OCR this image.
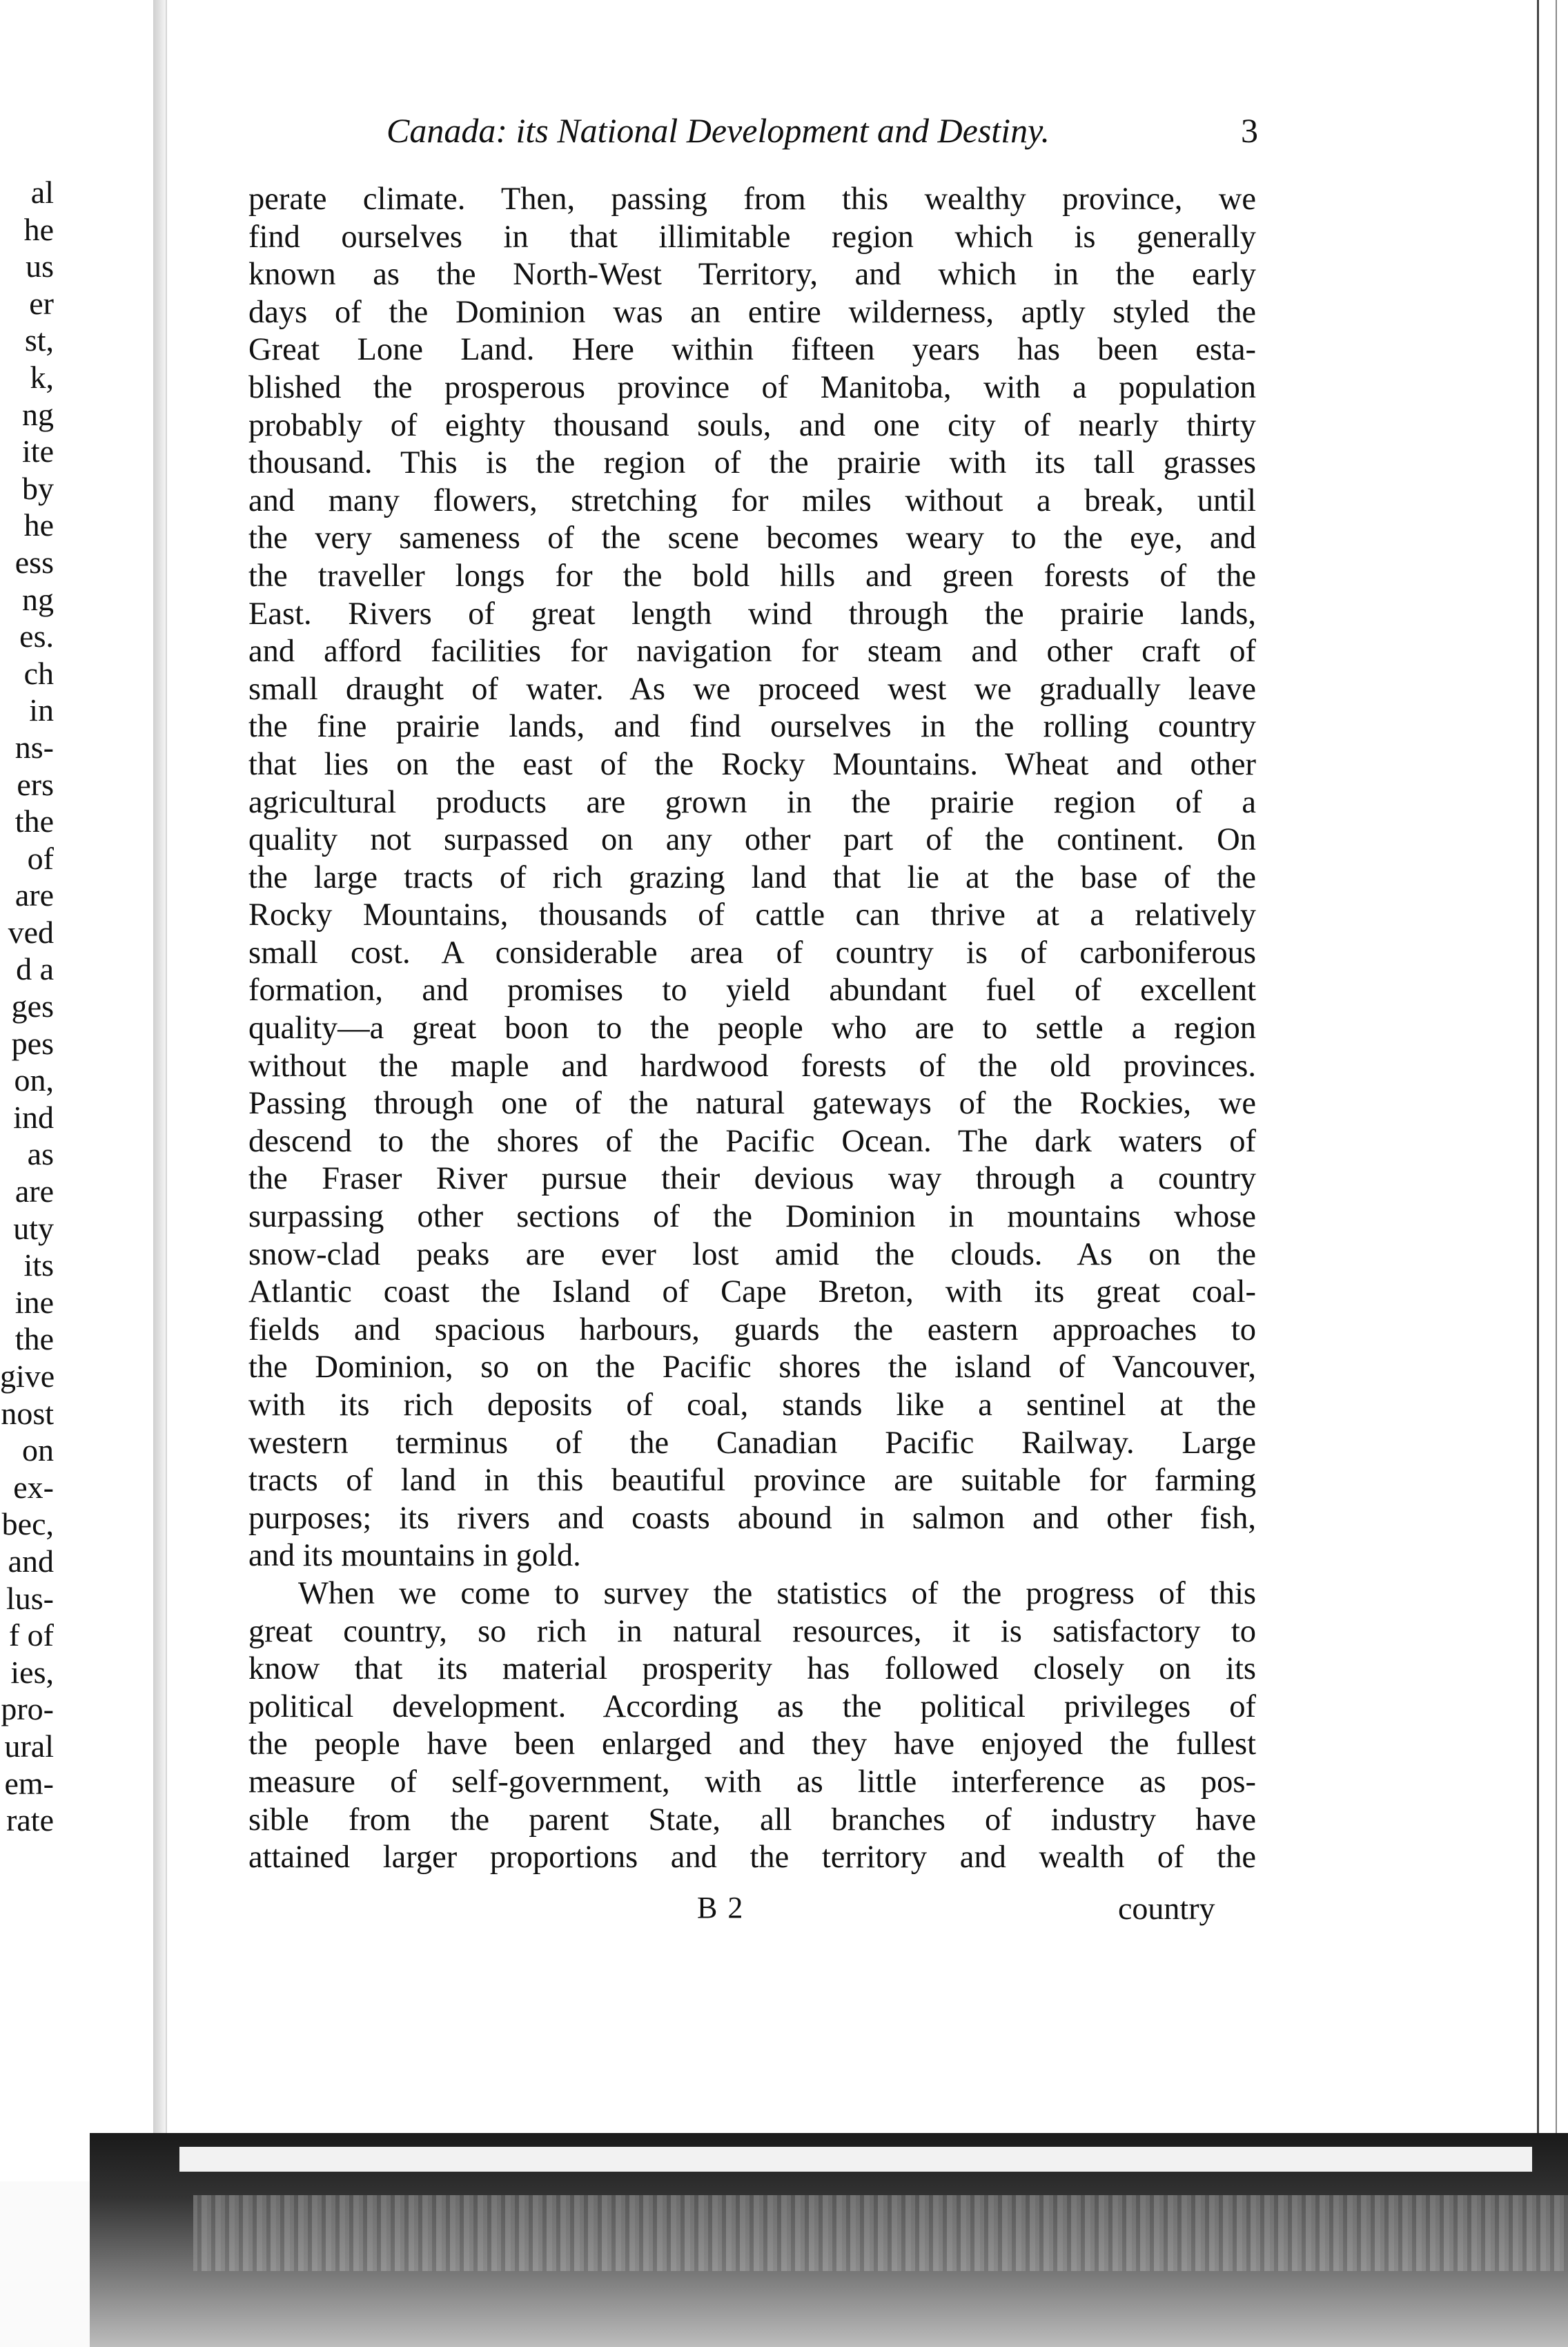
al
he
us
er
st,
k,
ng
ite
by
he
ess
ng
es.
ch
in
ns-
ers
the
of
are
ved
d a
ges
pes
on,
ind
as
are
uty
its
ine
the
give
nost
on
ex-
bec,
and
lus-
f of
ies,
pro-
ural
em-
rate
Canada: its National Development and Destiny.	3
perate climate. Then, passing from this wealthy province, we
find ourselves in that illimitable region which is generally
known as the North-West Territory, and which in the early
days of the Dominion was an entire wilderness, aptly styled the
Great Lone Land. Here within fifteen years has been esta-
blished the prosperous province of Manitoba, with a population
probably of eighty thousand souls, and one city of nearly thirty
thousand. This is the region of the prairie with its tall grasses
and many flowers, stretching for miles without a break, until
the very sameness of the scene becomes weary to the eye, and
the traveller longs for the bold hills and green forests of the
East. Rivers of great length wind through the prairie lands,
and afford facilities for navigation for steam and other craft of
small draught of water. As we proceed west we gradually leave
the fine prairie lands, and find ourselves in the rolling country
that lies on the east of the Rocky Mountains. Wheat and other
agricultural products are grown in the prairie region of a
quality not surpassed on any other part of the continent. On
the large tracts of rich grazing land that lie at the base of the
Rocky Mountains, thousands of cattle can thrive at a relatively
small cost. A considerable area of country is of carboniferous
formation, and promises to yield abundant fuel of excellent
quality—a great boon to the people who are to settle a region
without the maple and hardwood forests of the old provinces.
Passing through one of the natural gateways of the Rockies, we
descend to the shores of the Pacific Ocean. The dark waters of
the Fraser River pursue their devious way through a country
surpassing other sections of the Dominion in mountains whose
snow-clad peaks are ever lost amid the clouds. As on the
Atlantic coast the Island of Cape Breton, with its great coal-
fields and spacious harbours, guards the eastern approaches to
the Dominion, so on the Pacific shores the island of Vancouver,
with its rich deposits of coal, stands like a sentinel at the
western terminus of the Canadian Pacific Railway. Large
tracts of land in this beautiful province are suitable for farming
purposes; its rivers and coasts abound in salmon and other fish,
and its mountains in gold.
When we come to survey the statistics of the progress of this
great country, so rich in natural resources, it is satisfactory to
know that its material prosperity has followed closely on its
political development. According as the political privileges of
the people have been enlarged and they have enjoyed the fullest
measure of self-government, with as little interference as pos-
sible from the parent State, all branches of industry have
attained larger proportions and the territory and wealth of the
B 2	country
